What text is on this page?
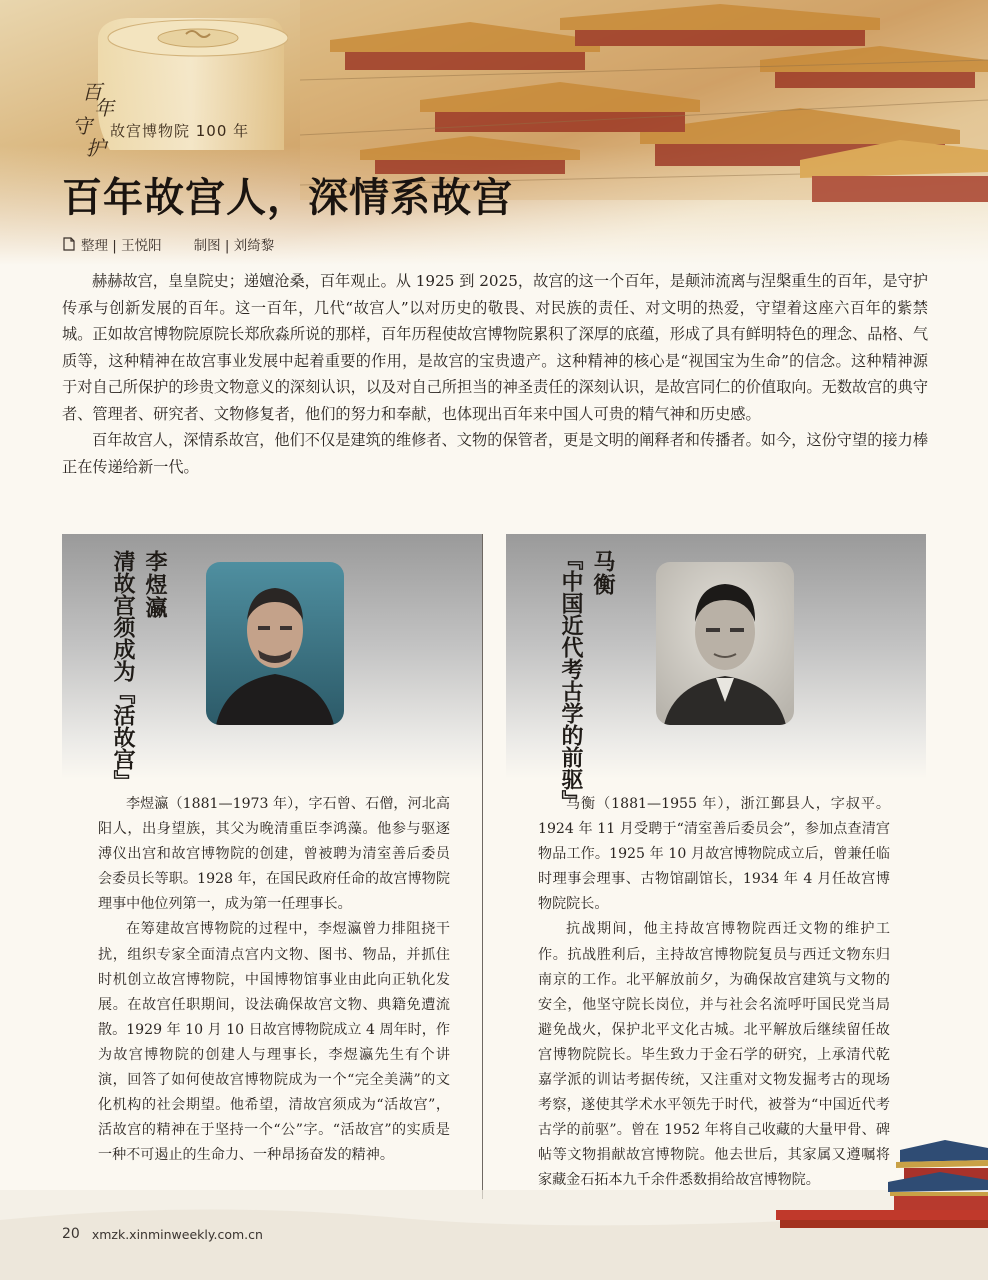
百
年
守
护
故宫博物院 100 年
百年故宫人，深情系故宫
整理 | 王悦阳 制图 | 刘绮黎

赫赫故宫，皇皇院史；递嬗沧桑，百年观止。从 1925 到 2025，故宫的这一个百年，是颠沛流离与涅槃重生的百年，是守护传承与创新发展的百年。这一百年，几代“故宫人”以对历史的敬畏、对民族的责任、对文明的热爱，守望着这座六百年的紫禁城。正如故宫博物院原院长郑欣淼所说的那样，百年历程使故宫博物院累积了深厚的底蕴，形成了具有鲜明特色的理念、品格、气质等，这种精神在故宫事业发展中起着重要的作用，是故宫的宝贵遗产。这种精神的核心是“视国宝为生命”的信念。这种精神源于对自己所保护的珍贵文物意义的深刻认识，以及对自己所担当的神圣责任的深刻认识，是故宫同仁的价值取向。无数故宫的典守者、管理者、研究者、文物修复者，他们的努力和奉献，也体现出百年来中国人可贵的精气神和历史感。

百年故宫人，深情系故宫，他们不仅是建筑的维修者、文物的保管者，更是文明的阐释者和传播者。如今，这份守望的接力棒正在传递给新一代。

李煜瀛
清故宫须成为『活故宫』

李煜瀛（1881—1973 年），字石曾、石僧，河北高阳人，出身望族，其父为晚清重臣李鸿藻。他参与驱逐溥仪出宫和故宫博物院的创建，曾被聘为清室善后委员会委员长等职。1928 年，在国民政府任命的故宫博物院理事中他位列第一，成为第一任理事长。

在筹建故宫博物院的过程中，李煜瀛曾力排阻挠干扰，组织专家全面清点宫内文物、图书、物品，并抓住时机创立故宫博物院，中国博物馆事业由此向正轨化发展。在故宫任职期间，设法确保故宫文物、典籍免遭流散。1929 年 10 月 10 日故宫博物院成立 4 周年时，作为故宫博物院的创建人与理事长，李煜瀛先生有个讲演，回答了如何使故宫博物院成为一个“完全美满”的文化机构的社会期望。他希望，清故宫须成为“活故宫”，活故宫的精神在于坚持一个“公”字。“活故宫”的实质是一种不可遏止的生命力、一种昂扬奋发的精神。

马衡
『中国近代考古学的前驱』

马衡（1881—1955 年），浙江鄞县人，字叔平。1924 年 11 月受聘于“清室善后委员会”，参加点查清宫物品工作。1925 年 10 月故宫博物院成立后，曾兼任临时理事会理事、古物馆副馆长，1934 年 4 月任故宫博物院院长。

抗战期间，他主持故宫博物院西迁文物的维护工作。抗战胜利后，主持故宫博物院复员与西迁文物东归南京的工作。北平解放前夕，为确保故宫建筑与文物的安全，他坚守院长岗位，并与社会名流呼吁国民党当局避免战火，保护北平文化古城。北平解放后继续留任故宫博物院院长。毕生致力于金石学的研究，上承清代乾嘉学派的训诂考据传统，又注重对文物发掘考古的现场考察，遂使其学术水平领先于时代，被誉为“中国近代考古学的前驱”。曾在 1952 年将自己收藏的大量甲骨、碑帖等文物捐献故宫博物院。他去世后，其家属又遵嘱将家藏金石拓本九千余件悉数捐给故宫博物院。

20 xmzk.xinminweekly.com.cn
